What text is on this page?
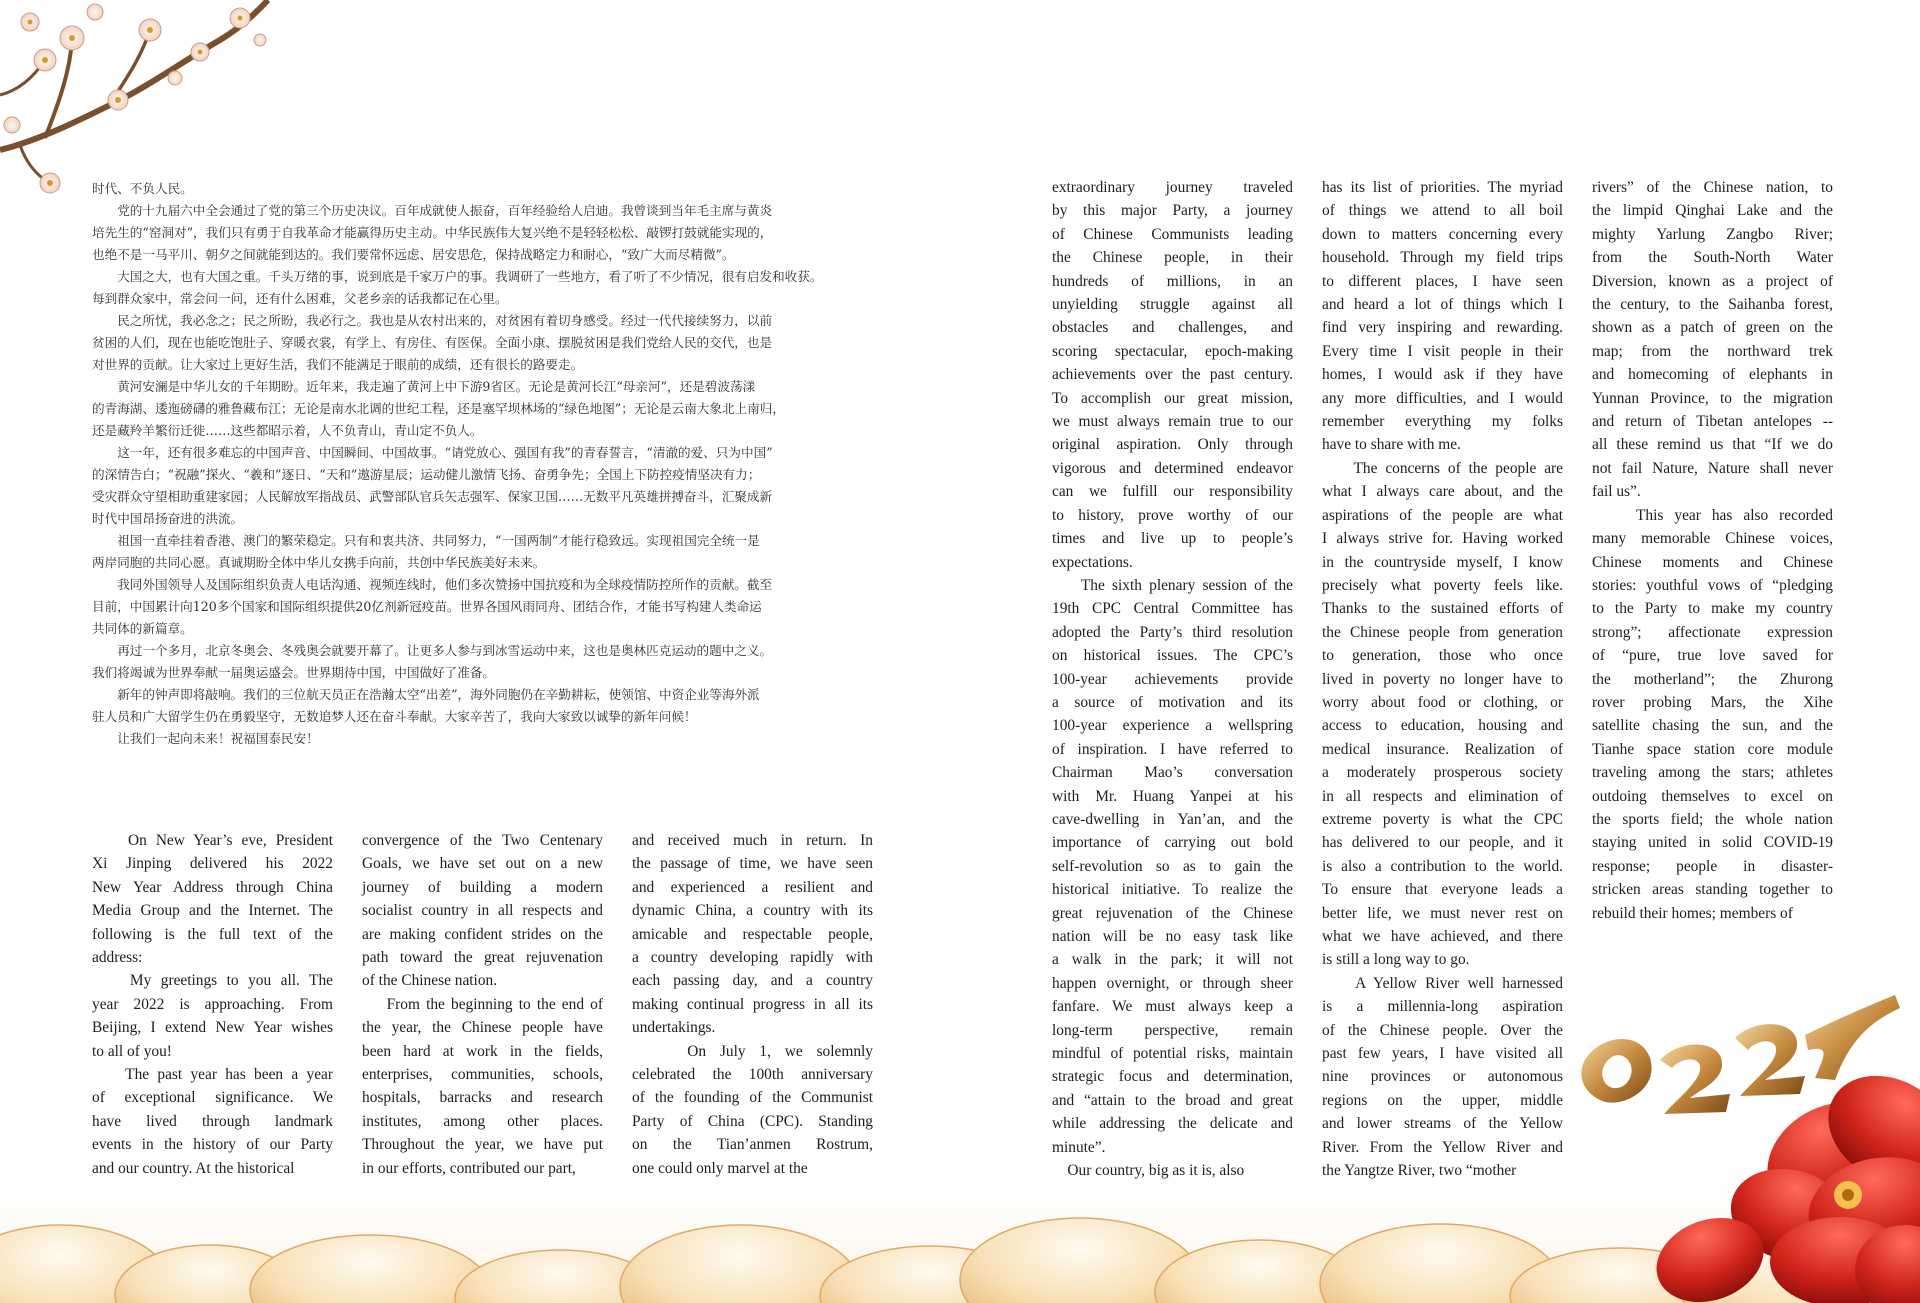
时代、不负人民。

　　党的十九届六中全会通过了党的第三个历史决议。百年成就使人振奋，百年经验给人启迪。我曾谈到当年毛主席与黄炎

培先生的“窑洞对”，我们只有勇于自我革命才能赢得历史主动。中华民族伟大复兴绝不是轻轻松松、敲锣打鼓就能实现的，

也绝不是一马平川、朝夕之间就能到达的。我们要常怀远虑、居安思危，保持战略定力和耐心，“致广大而尽精微”。

　　大国之大，也有大国之重。千头万绪的事，说到底是千家万户的事。我调研了一些地方，看了听了不少情况，很有启发和收获。

每到群众家中，常会问一问，还有什么困难，父老乡亲的话我都记在心里。

　　民之所忧，我必念之；民之所盼，我必行之。我也是从农村出来的，对贫困有着切身感受。经过一代代接续努力，以前

贫困的人们，现在也能吃饱肚子、穿暖衣裳，有学上、有房住、有医保。全面小康、摆脱贫困是我们党给人民的交代，也是

对世界的贡献。让大家过上更好生活，我们不能满足于眼前的成绩，还有很长的路要走。

　　黄河安澜是中华儿女的千年期盼。近年来，我走遍了黄河上中下游9省区。无论是黄河长江“母亲河”，还是碧波荡漾

的青海湖、逶迤磅礴的雅鲁藏布江；无论是南水北调的世纪工程，还是塞罕坝林场的“绿色地图”；无论是云南大象北上南归，

还是藏羚羊繁衍迁徙……这些都昭示着，人不负青山，青山定不负人。

　　这一年，还有很多难忘的中国声音、中国瞬间、中国故事。“请党放心、强国有我”的青春誓言，“清澈的爱、只为中国”

的深情告白；“祝融”探火、“羲和”逐日、“天和”遨游星辰；运动健儿激情飞扬、奋勇争先；全国上下防控疫情坚决有力；

受灾群众守望相助重建家园；人民解放军指战员、武警部队官兵矢志强军、保家卫国……无数平凡英雄拼搏奋斗，汇聚成新

时代中国昂扬奋进的洪流。

　　祖国一直牵挂着香港、澳门的繁荣稳定。只有和衷共济、共同努力，“一国两制”才能行稳致远。实现祖国完全统一是

两岸同胞的共同心愿。真诚期盼全体中华儿女携手向前，共创中华民族美好未来。

　　我同外国领导人及国际组织负责人电话沟通、视频连线时，他们多次赞扬中国抗疫和为全球疫情防控所作的贡献。截至

目前，中国累计向120多个国家和国际组织提供20亿剂新冠疫苗。世界各国风雨同舟、团结合作，才能书写构建人类命运

共同体的新篇章。

　　再过一个多月，北京冬奥会、冬残奥会就要开幕了。让更多人参与到冰雪运动中来，这也是奥林匹克运动的题中之义。

我们将竭诚为世界奉献一届奥运盛会。世界期待中国，中国做好了准备。

　　新年的钟声即将敲响。我们的三位航天员正在浩瀚太空“出差”，海外同胞仍在辛勤耕耘，使领馆、中资企业等海外派

驻人员和广大留学生仍在勇毅坚守，无数追梦人还在奋斗奉献。大家辛苦了，我向大家致以诚挚的新年问候！

　　让我们一起向未来！祝福国泰民安！

On New Year’s eve, President

Xi Jinping delivered his 2022

New Year Address through China

Media Group and the Internet. The

following is the full text of the

address:

My greetings to you all. The

year 2022 is approaching. From

Beijing, I extend New Year wishes

to all of you!

The past year has been a year

of exceptional significance. We

have lived through landmark

events in the history of our Party

and our country. At the historical

convergence of the Two Centenary

Goals, we have set out on a new

journey of building a modern

socialist country in all respects and

are making confident strides on the

path toward the great rejuvenation

of the Chinese nation.

From the beginning to the end of

the year, the Chinese people have

been hard at work in the fields,

enterprises, communities, schools,

hospitals, barracks and research

institutes, among other places.

Throughout the year, we have put

in our efforts, contributed our part,

and received much in return. In

the passage of time, we have seen

and experienced a resilient and

dynamic China, a country with its

amicable and respectable people,

a country developing rapidly with

each passing day, and a country

making continual progress in all its

undertakings.

On July 1, we solemnly

celebrated the 100th anniversary

of the founding of the Communist

Party of China (CPC). Standing

on the Tian’anmen Rostrum,

one could only marvel at the

extraordinary journey traveled

by this major Party, a journey

of Chinese Communists leading

the Chinese people, in their

hundreds of millions, in an

unyielding struggle against all

obstacles and challenges, and

scoring spectacular, epoch-making

achievements over the past century.

To accomplish our great mission,

we must always remain true to our

original aspiration. Only through

vigorous and determined endeavor

can we fulfill our responsibility

to history, prove worthy of our

times and live up to people’s

expectations.

The sixth plenary session of the

19th CPC Central Committee has

adopted the Party’s third resolution

on historical issues. The CPC’s

100-year achievements provide

a source of motivation and its

100-year experience a wellspring

of inspiration. I have referred to

Chairman Mao’s conversation

with Mr. Huang Yanpei at his

cave-dwelling in Yan’an, and the

importance of carrying out bold

self-revolution so as to gain the

historical initiative. To realize the

great rejuvenation of the Chinese

nation will be no easy task like

a walk in the park; it will not

happen overnight, or through sheer

fanfare. We must always keep a

long-term perspective, remain

mindful of potential risks, maintain

strategic focus and determination,

and “attain to the broad and great

while addressing the delicate and

minute”.

Our country, big as it is, also

has its list of priorities. The myriad

of things we attend to all boil

down to matters concerning every

household. Through my field trips

to different places, I have seen

and heard a lot of things which I

find very inspiring and rewarding.

Every time I visit people in their

homes, I would ask if they have

any more difficulties, and I would

remember everything my folks

have to share with me.

The concerns of the people are

what I always care about, and the

aspirations of the people are what

I always strive for. Having worked

in the countryside myself, I know

precisely what poverty feels like.

Thanks to the sustained efforts of

the Chinese people from generation

to generation, those who once

lived in poverty no longer have to

worry about food or clothing, or

access to education, housing and

medical insurance. Realization of

a moderately prosperous society

in all respects and elimination of

extreme poverty is what the CPC

has delivered to our people, and it

is also a contribution to the world.

To ensure that everyone leads a

better life, we must never rest on

what we have achieved, and there

is still a long way to go.

A Yellow River well harnessed

is a millennia-long aspiration

of the Chinese people. Over the

past few years, I have visited all

nine provinces or autonomous

regions on the upper, middle

and lower streams of the Yellow

River. From the Yellow River and

the Yangtze River, two “mother

rivers” of the Chinese nation, to

the limpid Qinghai Lake and the

mighty Yarlung Zangbo River;

from the South-North Water

Diversion, known as a project of

the century, to the Saihanba forest,

shown as a patch of green on the

map; from the northward trek

and homecoming of elephants in

Yunnan Province, to the migration

and return of Tibetan antelopes --

all these remind us that “If we do

not fail Nature, Nature shall never

fail us”.

This year has also recorded

many memorable Chinese voices,

Chinese moments and Chinese

stories: youthful vows of “pledging

to the Party to make my country

strong”; affectionate expression

of “pure, true love saved for

the motherland”; the Zhurong

rover probing Mars, the Xihe

satellite chasing the sun, and the

Tianhe space station core module

traveling among the stars; athletes

outdoing themselves to excel on

the sports field; the whole nation

staying united in solid COVID-19

response; people in disaster-

stricken areas standing together to

rebuild their homes; members of
